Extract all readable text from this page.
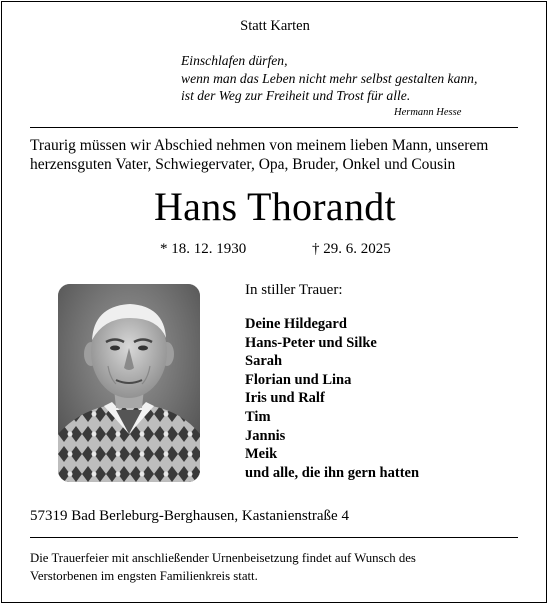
Statt Karten
Einschlafen dürfen,
wenn man das Leben nicht mehr selbst gestalten kann,
ist der Weg zur Freiheit und Trost für alle.
Hermann Hesse
Traurig müssen wir Abschied nehmen von meinem lieben Mann, unserem
herzensguten Vater, Schwiegervater, Opa, Bruder, Onkel und Cousin
Hans Thorandt
* 18. 12. 1930	† 29. 6. 2025
In stiller Trauer:
Deine Hildegard
Hans-Peter und Silke
Sarah
Florian und Lina
Iris und Ralf
Tim
Jannis
Meik
und alle, die ihn gern hatten
57319 Bad Berleburg-Berghausen, Kastanienstraße 4
Die Trauerfeier mit anschließender Urnenbeisetzung findet auf Wunsch des
Verstorbenen im engsten Familienkreis statt.
